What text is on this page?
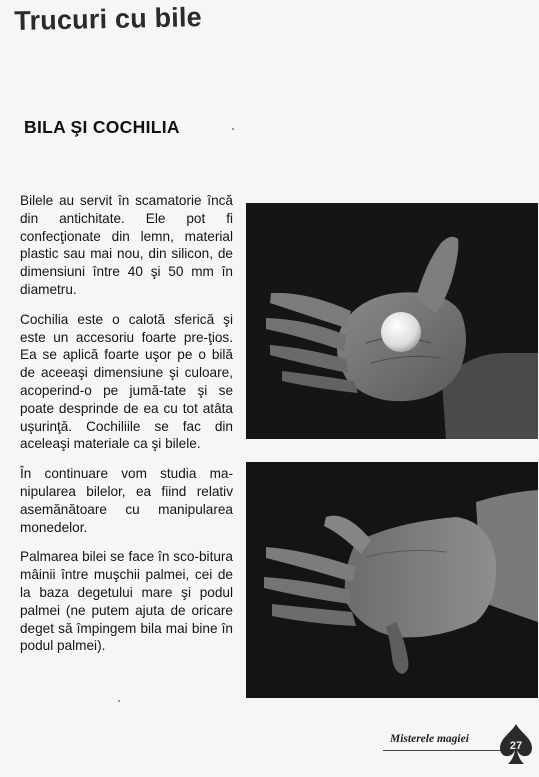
Trucuri cu bile
BILA ŞI COCHILIA

Bilele au servit în scamatorie încă din antichitate. Ele pot fi confecţionate din lemn, material plastic sau mai nou, din silicon, de dimensiuni între 40 şi 50 mm în diametru.

Cochilia este o calotă sferică şi este un accesoriu foarte pre-ţios. Ea se aplică foarte uşor pe o bilă de aceeaşi dimensiune şi culoare, acoperind-o pe jumă-tate şi se poate desprinde de ea cu tot atâta uşurinţă. Cochiliile se fac din aceleaşi materiale ca şi bilele.

În continuare vom studia ma-nipularea bilelor, ea fiind relativ asemănătoare cu manipularea monedelor.

Palmarea bilei se face în sco-bitura mâinii între muşchii palmei, cei de la baza degetului mare şi podul palmei (ne putem ajuta de oricare deget să împingem bila mai bine în podul palmei).

Misterele magiei
27
